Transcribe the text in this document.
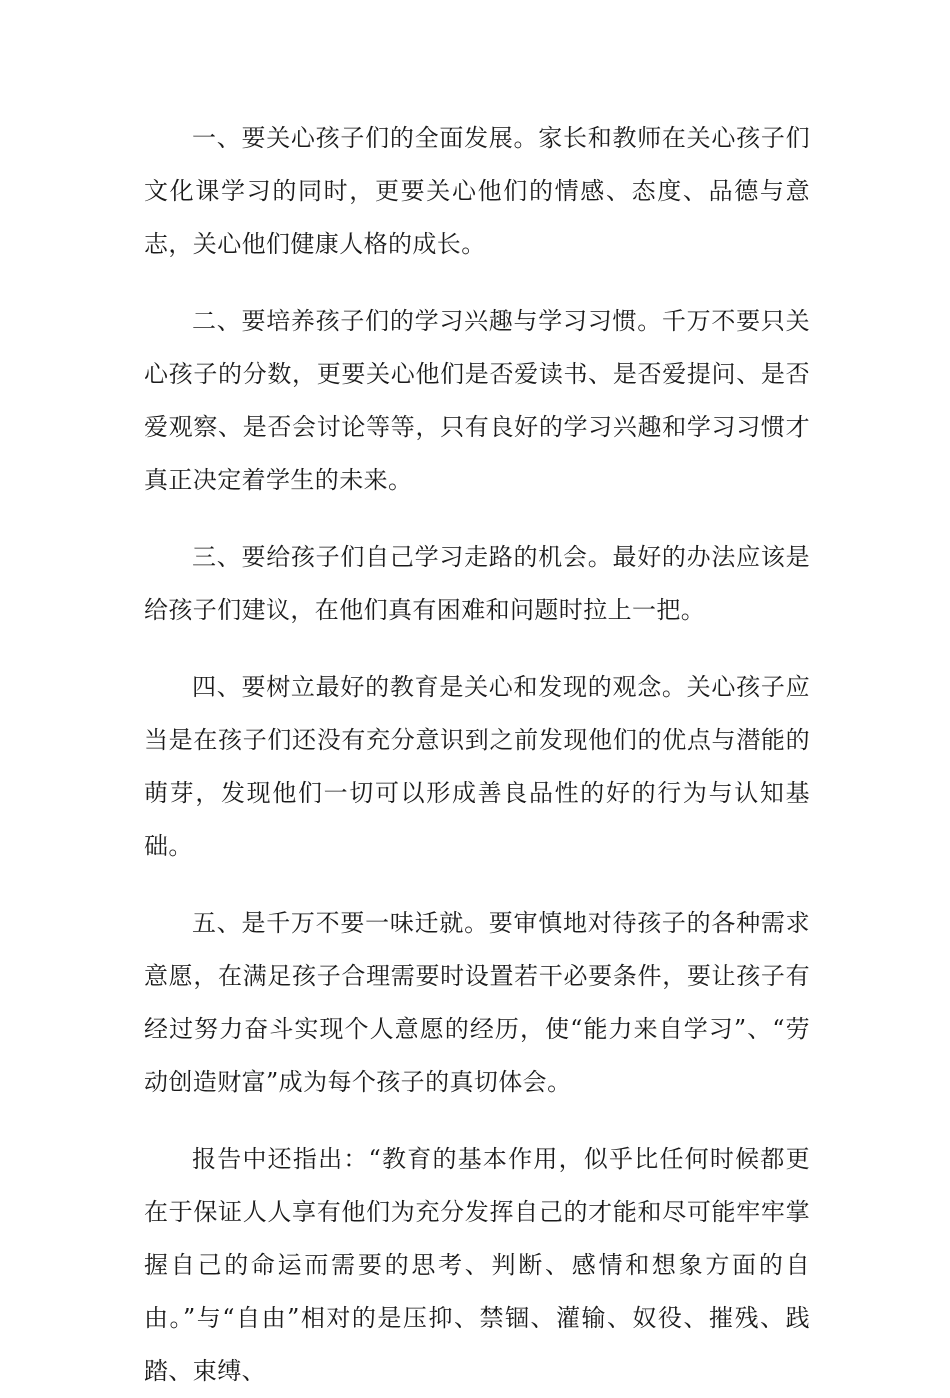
一、要关心孩子们的全面发展。家长和教师在关心孩子们文化课学习的同时，更要关心他们的情感、态度、品德与意志，关心他们健康人格的成长。

二、要培养孩子们的学习兴趣与学习习惯。千万不要只关心孩子的分数，更要关心他们是否爱读书、是否爱提问、是否爱观察、是否会讨论等等，只有良好的学习兴趣和学习习惯才真正决定着学生的未来。

三、要给孩子们自己学习走路的机会。最好的办法应该是给孩子们建议，在他们真有困难和问题时拉上一把。

四、要树立最好的教育是关心和发现的观念。关心孩子应当是在孩子们还没有充分意识到之前发现他们的优点与潜能的萌芽，发现他们一切可以形成善良品性的好的行为与认知基础。

五、是千万不要一味迁就。要审慎地对待孩子的各种需求意愿，在满足孩子合理需要时设置若干必要条件，要让孩子有经过努力奋斗实现个人意愿的经历，使“能力来自学习”、“劳动创造财富”成为每个孩子的真切体会。

报告中还指出：“教育的基本作用，似乎比任何时候都更在于保证人人享有他们为充分发挥自己的才能和尽可能牢牢掌握自己的命运而需要的思考、判断、感情和想象方面的自由。”与“自由”相对的是压抑、禁锢、灌输、奴役、摧残、践踏、束缚、
